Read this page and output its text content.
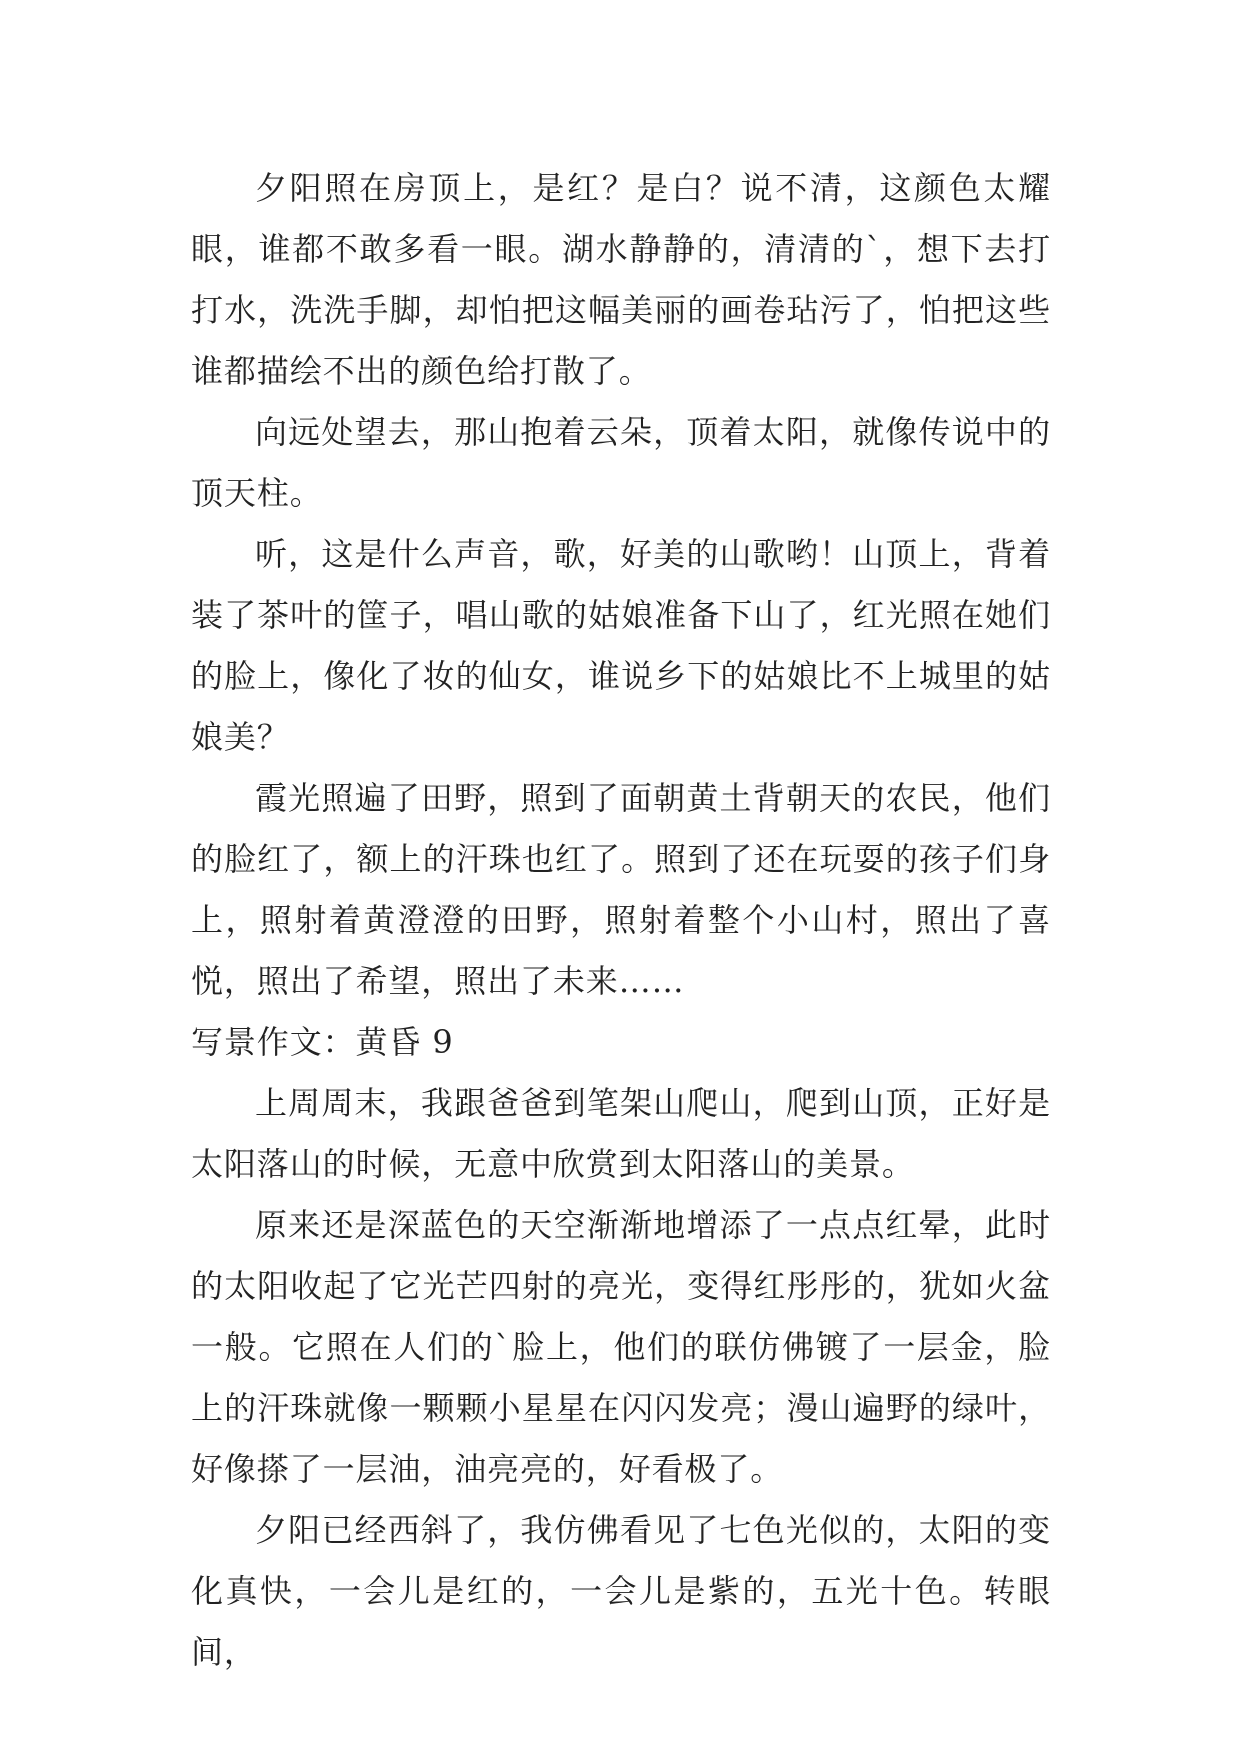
夕阳照在房顶上，是红？是白？说不清，这颜色太耀眼，谁都不敢多看一眼。湖水静静的，清清的`，想下去打打水，洗洗手脚，却怕把这幅美丽的画卷玷污了，怕把这些谁都描绘不出的颜色给打散了。

向远处望去，那山抱着云朵，顶着太阳，就像传说中的顶天柱。

听，这是什么声音，歌，好美的山歌哟！山顶上，背着装了茶叶的筐子，唱山歌的姑娘准备下山了，红光照在她们的脸上，像化了妆的仙女，谁说乡下的姑娘比不上城里的姑娘美？

霞光照遍了田野，照到了面朝黄土背朝天的农民，他们的脸红了，额上的汗珠也红了。照到了还在玩耍的孩子们身上，照射着黄澄澄的田野，照射着整个小山村，照出了喜悦，照出了希望，照出了未来……

写景作文：黄昏 9

上周周末，我跟爸爸到笔架山爬山，爬到山顶，正好是太阳落山的时候，无意中欣赏到太阳落山的美景。

原来还是深蓝色的天空渐渐地增添了一点点红晕，此时的太阳收起了它光芒四射的亮光，变得红彤彤的，犹如火盆一般。它照在人们的`脸上，他们的联仿佛镀了一层金，脸上的汗珠就像一颗颗小星星在闪闪发亮；漫山遍野的绿叶，好像搽了一层油，油亮亮的，好看极了。

夕阳已经西斜了，我仿佛看见了七色光似的，太阳的变化真快，一会儿是红的，一会儿是紫的，五光十色。转眼间，
